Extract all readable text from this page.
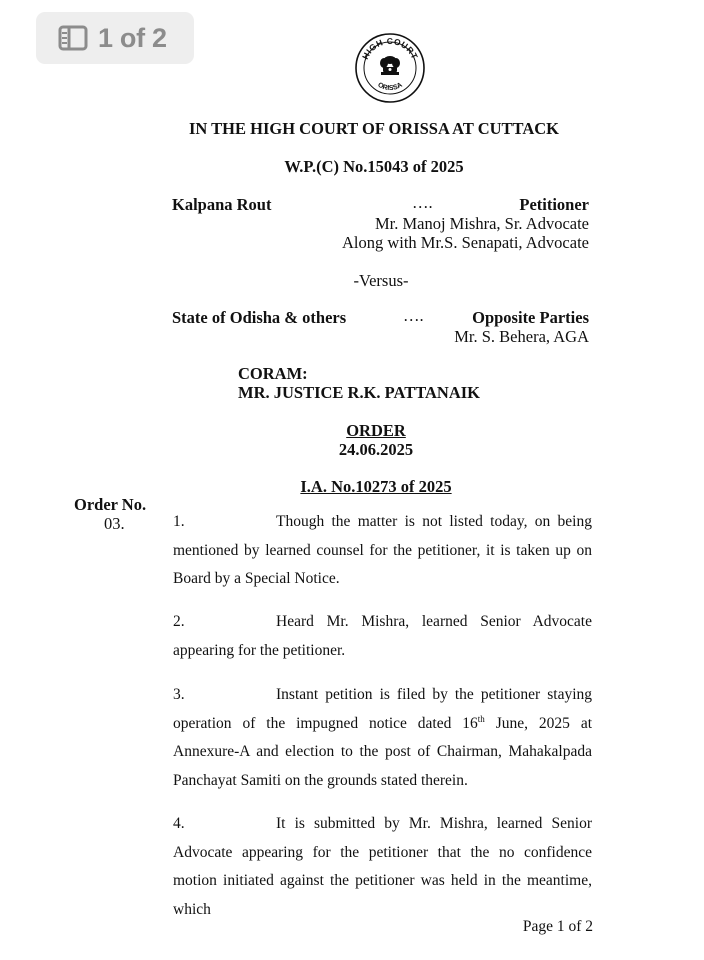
1 of 2
HIGH COURT
ORISSA
IN THE HIGH COURT OF ORISSA AT CUTTACK
W.P.(C) No.15043 of 2025
Kalpana Rout	….	Petitioner
Mr. Manoj Mishra, Sr. Advocate
Along with Mr.S. Senapati, Advocate
-Versus-
State of Odisha & others	….	Opposite Parties
Mr. S. Behera, AGA
CORAM:
MR. JUSTICE R.K. PATTANAIK
ORDER
24.06.2025
I.A. No.10273 of 2025
Order No.
03.	1.	Though the matter is not listed today, on being mentioned by learned counsel for the petitioner, it is taken up on Board by a Special Notice.
2.	Heard Mr. Mishra, learned Senior Advocate appearing for the petitioner.
3.	Instant petition is filed by the petitioner staying operation of the impugned notice dated 16th June, 2025 at Annexure-A and election to the post of Chairman, Mahakalpada Panchayat Samiti on the grounds stated therein.
4.	It is submitted by Mr. Mishra, learned Senior Advocate appearing for the petitioner that the no confidence motion initiated against the petitioner was held in the meantime, which
Page 1 of 2
